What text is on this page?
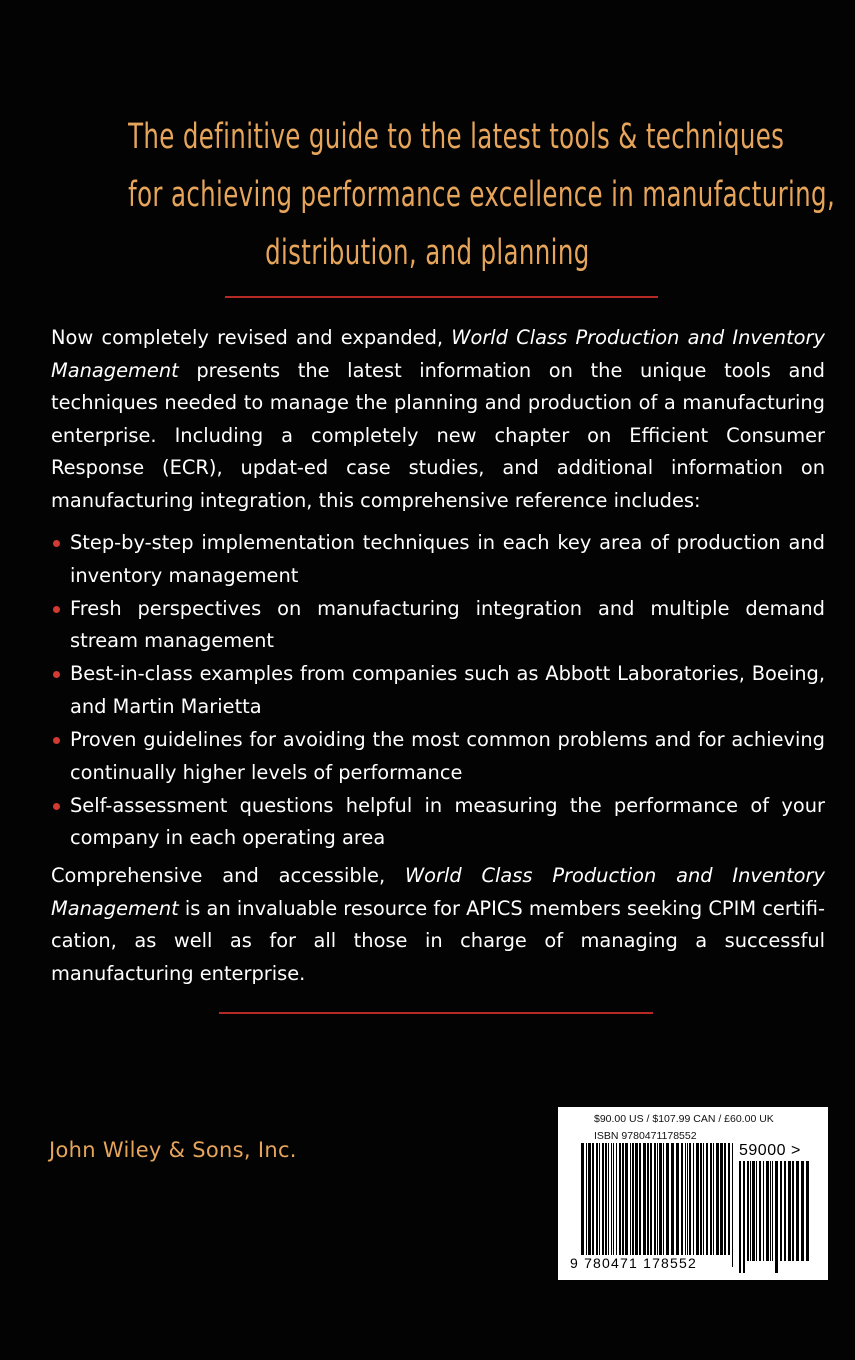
The definitive guide to the latest tools & techniques
for achieving performance excellence in manufacturing,
distribution, and planning
Now completely revised and expanded, World Class Production and Inventory Management presents the latest information on the unique tools and techniques needed to manage the planning and production of a manufacturing enterprise. Including a completely new chapter on Efficient Consumer Response (ECR), updat-ed case studies, and additional information on manufacturing integration, this comprehensive reference includes:
Step-by-step implementation techniques in each key area of production and inventory management
Fresh perspectives on manufacturing integration and multiple demand stream management
Best-in-class examples from companies such as Abbott Laboratories, Boeing, and Martin Marietta
Proven guidelines for avoiding the most common problems and for achieving continually higher levels of performance
Self-assessment questions helpful in measuring the performance of your company in each operating area
Comprehensive and accessible, World Class Production and Inventory Management is an invaluable resource for APICS members seeking CPIM certifi-cation, as well as for all those in charge of managing a successful manufacturing enterprise.
John Wiley & Sons, Inc.
$90.00 US / $107.99 CAN / £60.00 UK
ISBN 9780471178552
9 780471 178552
59000 >
